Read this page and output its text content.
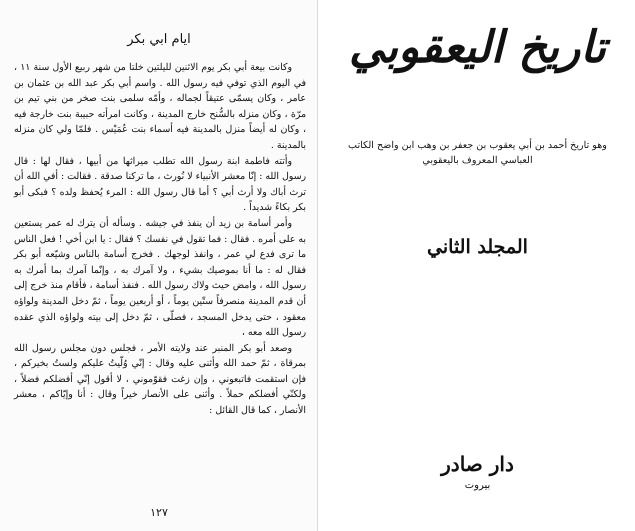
ايام ابي بكر

وكانت بيعة أبي بكر يوم الاثنين لليلتين خلتا من شهر ربيع الأول سنة ١١ ، في اليوم الذي توفي فيه رسول الله . واسم أبي بكر عبد الله بن عثمان بن عامر ، وكان يسمّى عتيقاً لجماله ، وأمّه سلمى بنت صخر من بني تيم بن مرّة ، وكان منزله بالسُّنح خارج المدينة ، وكانت امرأته حبيبة بنت خارجة فيه ، وكان له أيضاً منزل بالمدينة فيه أسماء بنت عُمَيْس . فلمّا ولي كان منزله بالمدينة .

وأتته فاطمة ابنة رسول الله تطلب ميراثها من أبيها ، فقال لها : قال رسول الله : إنّا معشر الأنبياء لا نُورث ، ما تركنا صدقة . فقالت : أفي الله أن ترث أباك ولا أرث أبي ؟ أما قال رسول الله : المرء يُحفظ ولده ؟ فبكى أبو بكر بكاءً شديداً .

وأمر أسامة بن زيد أن ينفذ في جيشه . وسأله أن يترك له عمر يستعين به على أمره . فقال : فما تقول في نفسك ؟ فقال : يا ابن أخي ! فعل الناس ما ترى فدع لي عمر ، وانفذ لوجهك . فخرج أسامة بالناس وشيّعه أبو بكر فقال له : ما أنا بموصيك بشيء ، ولا آمرك به ، وإنّما آمرك بما أمرك به رسول الله ، وامض حيث ولاك رسول الله . فنفذ أسامة ، فأقام منذ خرج إلى أن قدم المدينة منصرفاً ستّين يوماً ، أو أربعين يوماً ، ثمّ دخل المدينة ولواؤه معقود ، حتى يدخل المسجد ، فصلّى ، ثمّ دخل إلى بيته ولواؤه الذي عقده رسول الله معه ،

وصعد أبو بكر المنبر عند ولايته الأمر ، فجلس دون مجلس رسول الله بمرقاة ، ثمّ حمد الله وأثنى عليه وقال : إنّي وُلّيتُ عليكم ولستُ بخيركم ، فإن استقمت فاتبعوني ، وإن زغت فقوّموني ، لا أقول إنّي أفضلكم فضلاً ، ولكنّي أفضلكم حملاً . وأثنى على الأنصار خيراً وقال : أنا وإيّاكم ، معشر الأنصار ، كما قال القائل :

١٢٧
تاريخ اليعقوبي
وهو تاريخ أحمد بن أبي يعقوب بن جعفر بن وهب ابن واضح الكاتب العباسي المعروف باليعقوبي
المجلد الثاني
دار صادر
بيروت
